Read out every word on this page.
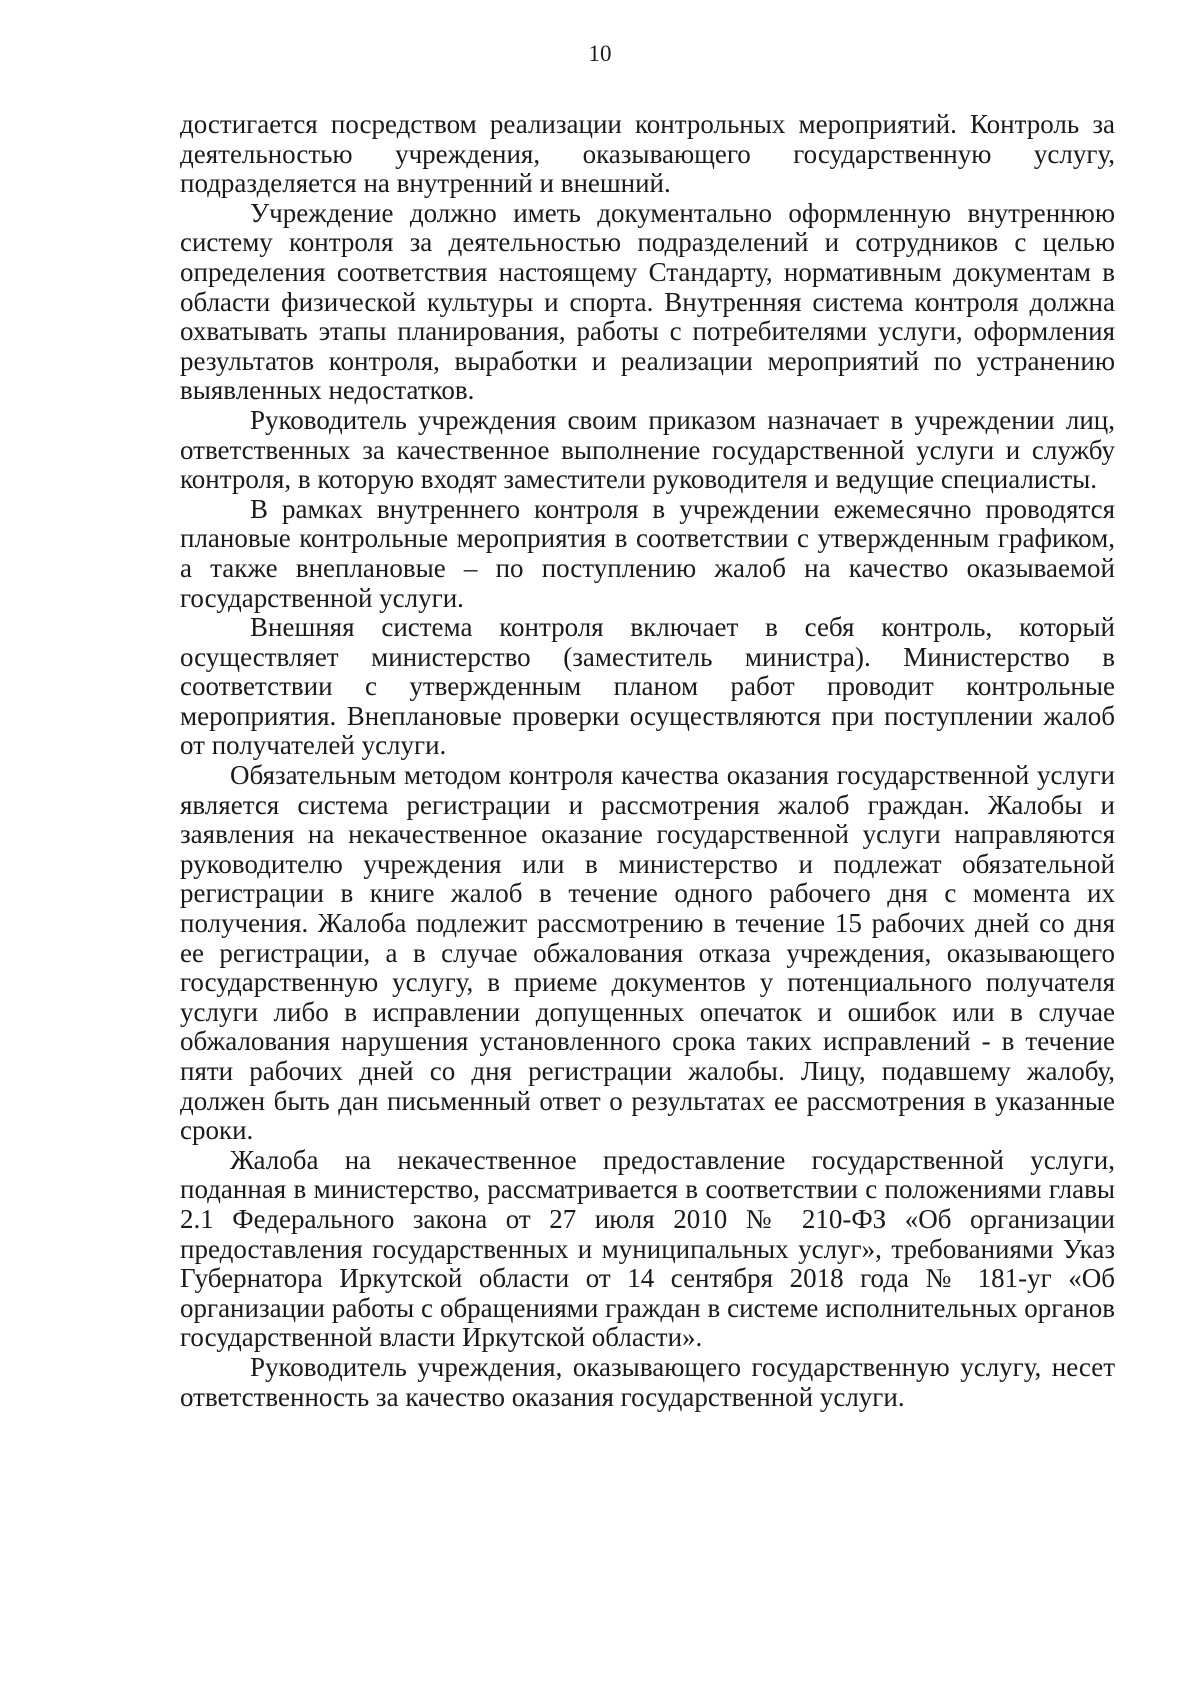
10

достигается посредством реализации контрольных мероприятий. Контроль за деятельностью учреждения, оказывающего государственную услугу, подразделяется на внутренний и внешний.

Учреждение должно иметь документально оформленную внутреннюю систему контроля за деятельностью подразделений и сотрудников с целью определения соответствия настоящему Стандарту, нормативным документам в области физической культуры и спорта. Внутренняя система контроля должна охватывать этапы планирования, работы с потребителями услуги, оформления результатов контроля, выработки и реализации мероприятий по устранению выявленных недостатков.

Руководитель учреждения своим приказом назначает в учреждении лиц, ответственных за качественное выполнение государственной услуги и службу контроля, в которую входят заместители руководителя и ведущие специалисты.

В рамках внутреннего контроля в учреждении ежемесячно проводятся плановые контрольные мероприятия в соответствии с утвержденным графиком, а также внеплановые – по поступлению жалоб на качество оказываемой государственной услуги.

Внешняя система контроля включает в себя контроль, который осуществляет министерство (заместитель министра). Министерство в соответствии с утвержденным планом работ проводит контрольные мероприятия. Внеплановые проверки осуществляются при поступлении жалоб от получателей услуги.

Обязательным методом контроля качества оказания государственной услуги является система регистрации и рассмотрения жалоб граждан. Жалобы и заявления на некачественное оказание государственной услуги направляются руководителю учреждения или в министерство и подлежат обязательной регистрации в книге жалоб в течение одного рабочего дня с момента их получения. Жалоба подлежит рассмотрению в течение 15 рабочих дней со дня ее регистрации, а в случае обжалования отказа учреждения, оказывающего государственную услугу, в приеме документов у потенциального получателя услуги либо в исправлении допущенных опечаток и ошибок или в случае обжалования нарушения установленного срока таких исправлений - в течение пяти рабочих дней со дня регистрации жалобы. Лицу, подавшему жалобу, должен быть дан письменный ответ о результатах ее рассмотрения в указанные сроки.

Жалоба на некачественное предоставление государственной услуги, поданная в министерство, рассматривается в соответствии с положениями главы 2.1 Федерального закона от 27 июля 2010 № 210-ФЗ «Об организации предоставления государственных и муниципальных услуг», требованиями Указ Губернатора Иркутской области от 14 сентября 2018 года № 181-уг «Об организации работы с обращениями граждан в системе исполнительных органов государственной власти Иркутской области».

Руководитель учреждения, оказывающего государственную услугу, несет ответственность за качество оказания государственной услуги.
